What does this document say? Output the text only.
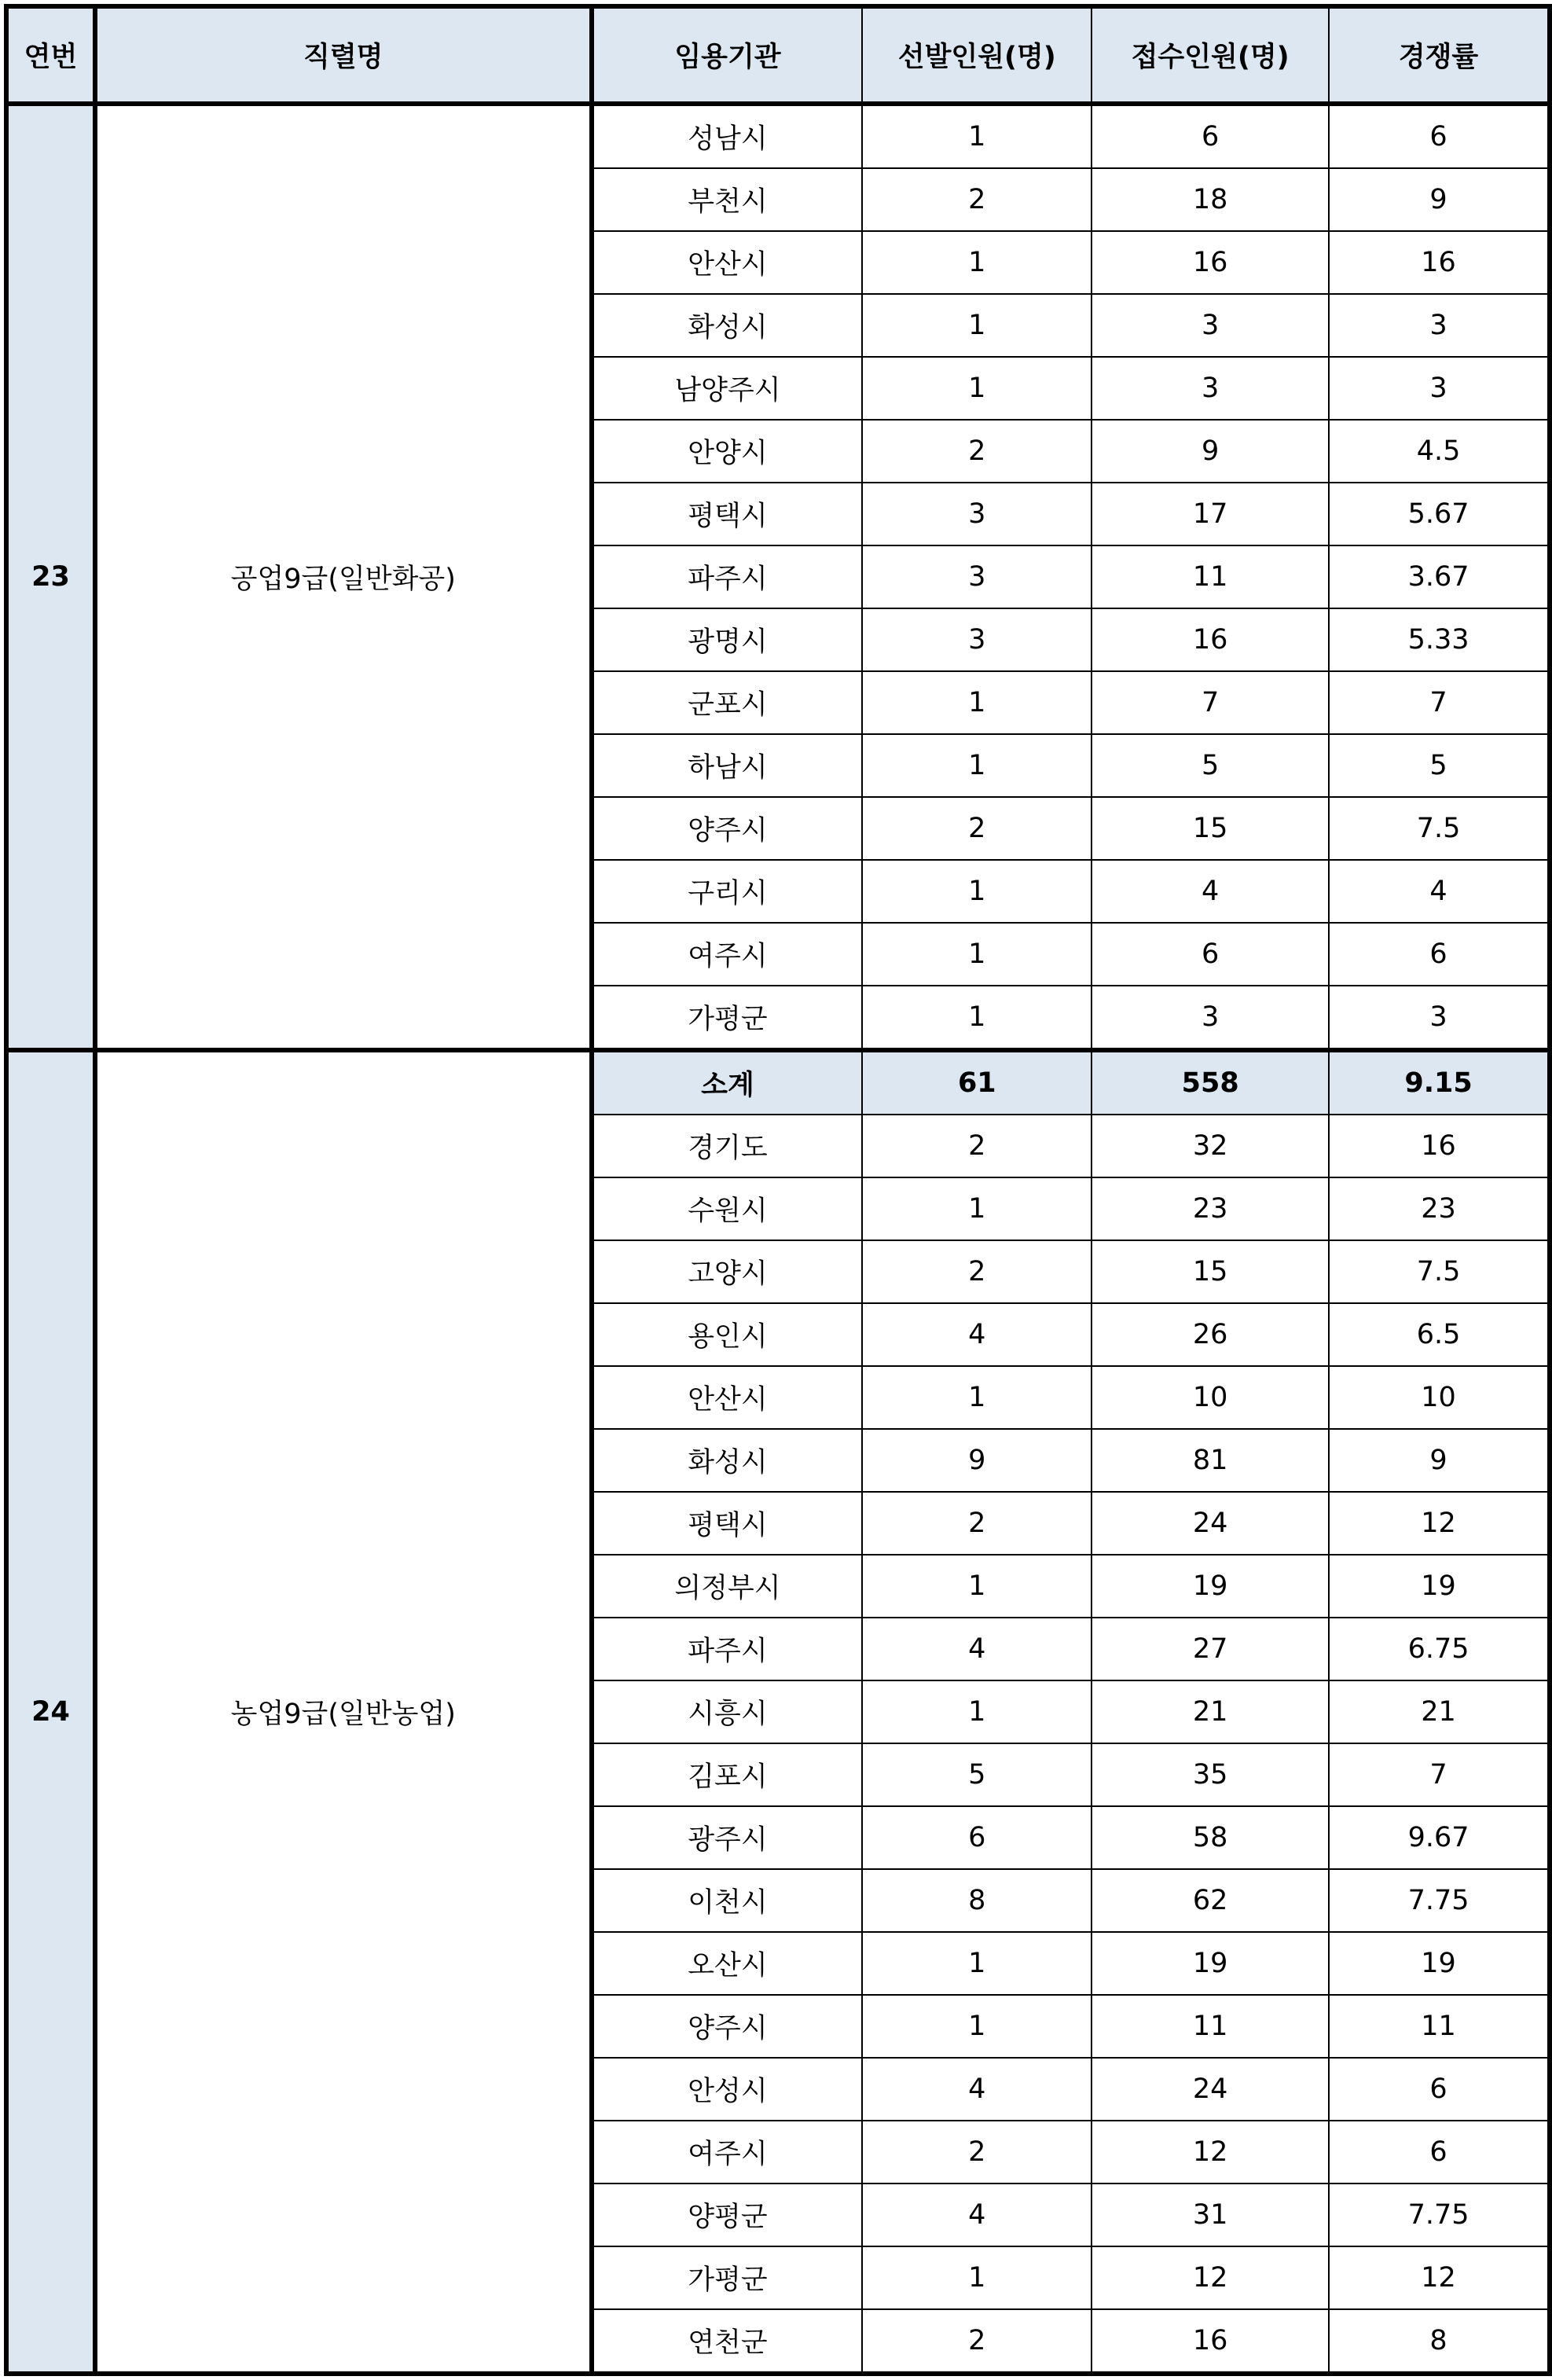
연번	직렬명	임용기관	선발인원(명)	접수인원(명)	경쟁률
23	공업9급(일반화공)	성남시	1	6	6
		부천시	2	18	9
		안산시	1	16	16
		화성시	1	3	3
		남양주시	1	3	3
		안양시	2	9	4.5
		평택시	3	17	5.67
		파주시	3	11	3.67
		광명시	3	16	5.33
		군포시	1	7	7
		하남시	1	5	5
		양주시	2	15	7.5
		구리시	1	4	4
		여주시	1	6	6
		가평군	1	3	3
24	농업9급(일반농업)	소계	61	558	9.15
		경기도	2	32	16
		수원시	1	23	23
		고양시	2	15	7.5
		용인시	4	26	6.5
		안산시	1	10	10
		화성시	9	81	9
		평택시	2	24	12
		의정부시	1	19	19
		파주시	4	27	6.75
		시흥시	1	21	21
		김포시	5	35	7
		광주시	6	58	9.67
		이천시	8	62	7.75
		오산시	1	19	19
		양주시	1	11	11
		안성시	4	24	6
		여주시	2	12	6
		양평군	4	31	7.75
		가평군	1	12	12
		연천군	2	16	8
